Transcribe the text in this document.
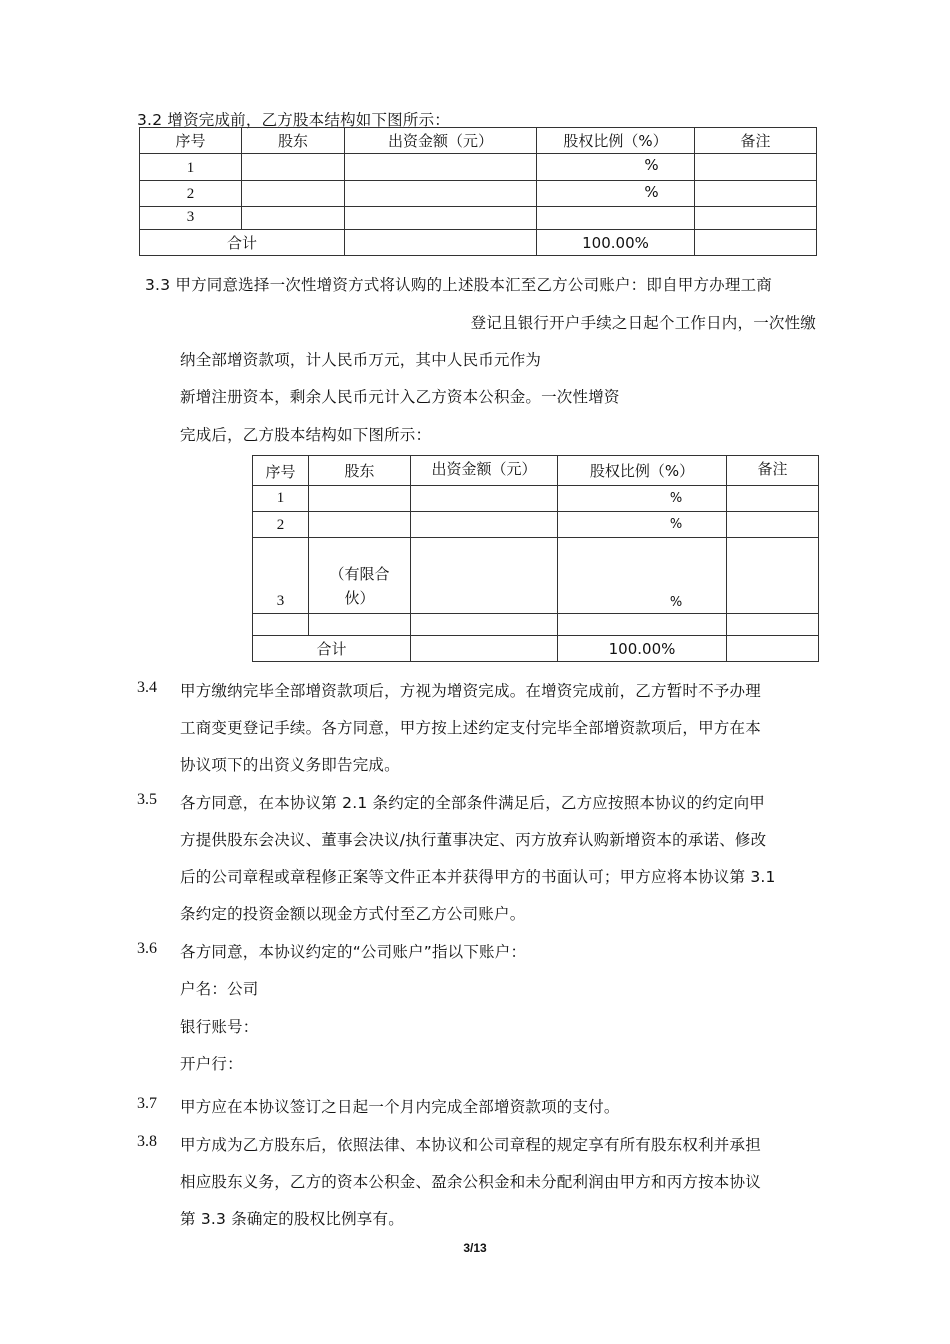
3.2 增资完成前，乙方股本结构如下图所示：
序号	股东	出资金额（元）	股权比例（%）	备注
1			%	

2			%	

3				
合计			100.00%	
3.3 甲方同意选择一次性增资方式将认购的上述股本汇至乙方公司账户：即自甲方办理工商
登记且银行开户手续之日起个工作日内，一次性缴
纳全部增资款项，计人民币万元，其中人民币元作为
新增注册资本，剩余人民币元计入乙方资本公积金。一次性增资
完成后，乙方股本结构如下图所示：
序号	股东	出资金额（元）	股权比例（%）	备注
1			%	

2			%	

3	（有限合
伙）		%	

合计			100.00%	
3.4 甲方缴纳完毕全部增资款项后，方视为增资完成。在增资完成前，乙方暂时不予办理
工商变更登记手续。各方同意，甲方按上述约定支付完毕全部增资款项后，甲方在本
协议项下的出资义务即告完成。
3.5 各方同意，在本协议第 2.1 条约定的全部条件满足后，乙方应按照本协议的约定向甲
方提供股东会决议、董事会决议/执行董事决定、丙方放弃认购新增资本的承诺、修改
后的公司章程或章程修正案等文件正本并获得甲方的书面认可；甲方应将本协议第 3.1
条约定的投资金额以现金方式付至乙方公司账户。
3.6 各方同意，本协议约定的“公司账户”指以下账户：
户名：公司
银行账号：
开户行：
3.7 甲方应在本协议签订之日起一个月内完成全部增资款项的支付。
3.8 甲方成为乙方股东后，依照法律、本协议和公司章程的规定享有所有股东权利并承担
相应股东义务，乙方的资本公积金、盈余公积金和未分配利润由甲方和丙方按本协议
第 3.3 条确定的股权比例享有。
3/13
